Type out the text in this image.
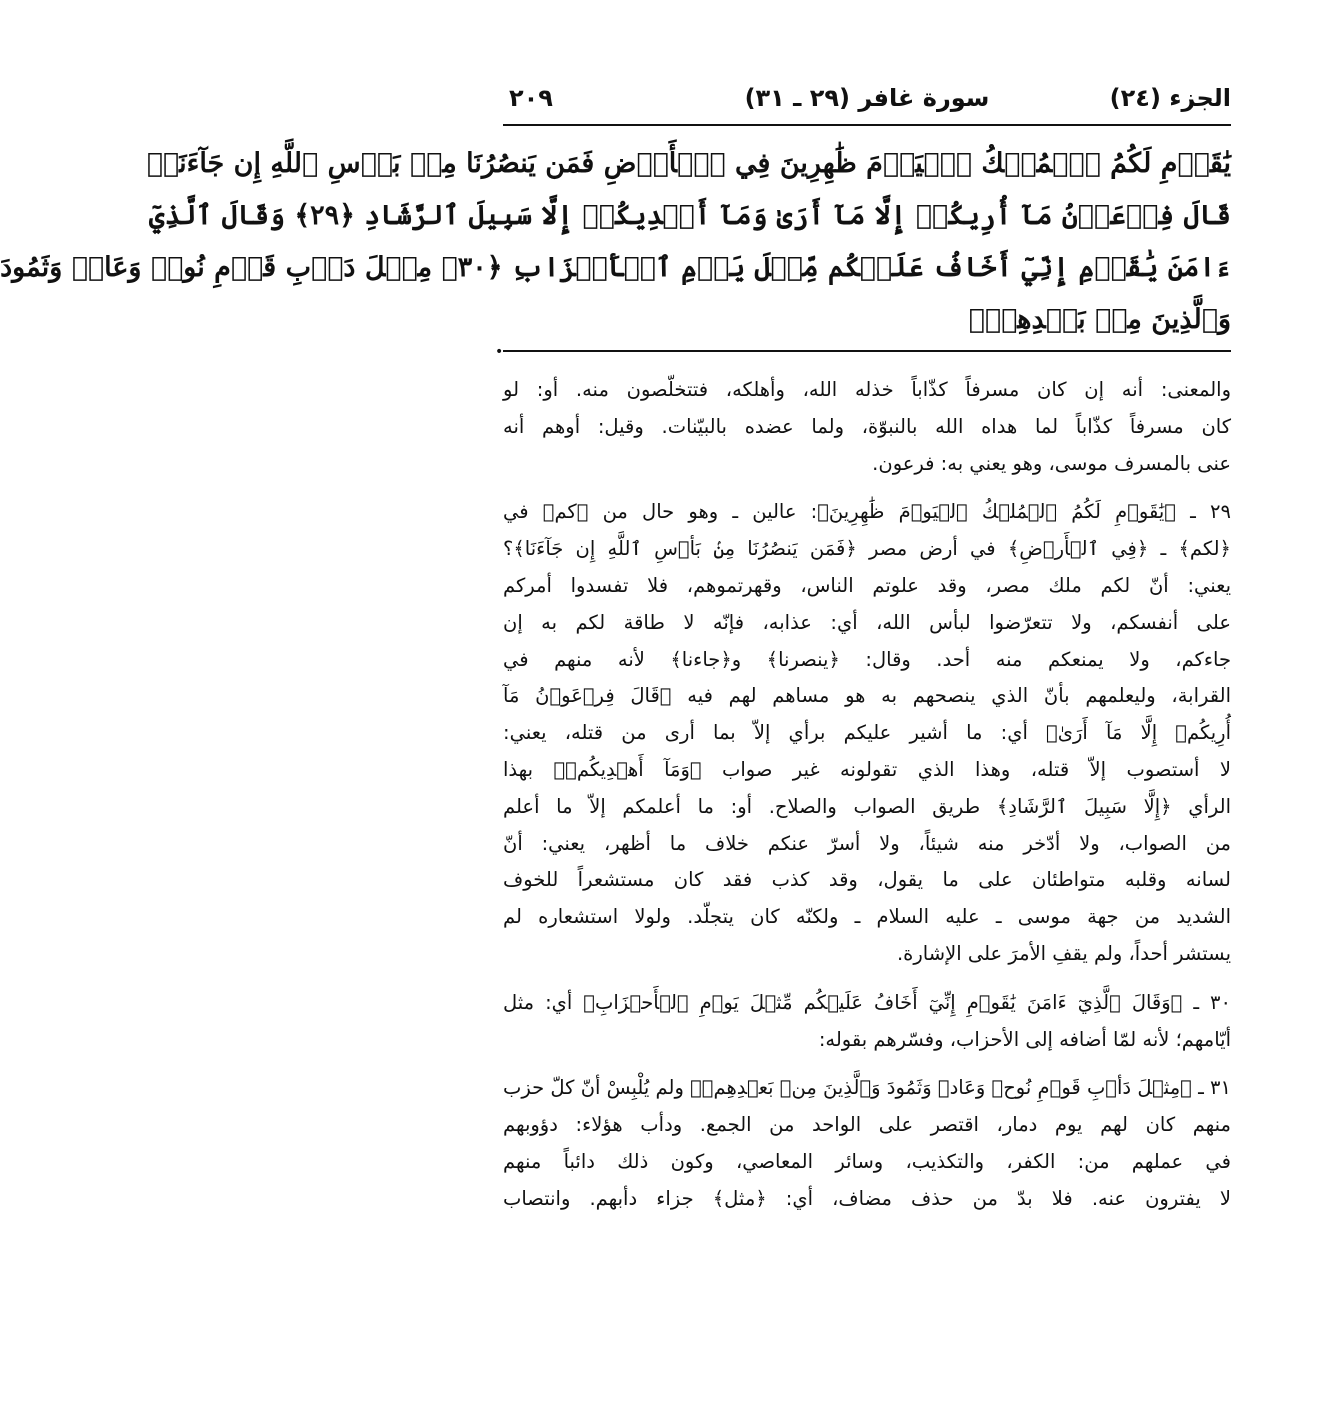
الجزء (٢٤)
سورة غافر (٢٩ ـ ٣١)
٢٠٩
يَٰقَوۡمِ لَكُمُ ٱلۡمُلۡكُ ٱلۡيَوۡمَ ظَٰهِرِينَ فِي ٱلۡأَرۡضِ فَمَن يَنصُرُنَا مِنۢ بَأۡسِ ٱللَّهِ إِن جَآءَنَاۚ
قَالَ فِرۡعَوۡنُ مَآ أُرِيكُمۡ إِلَّا مَآ أَرَىٰ وَمَآ أَهۡدِيكُمۡ إِلَّا سَبِيلَ ٱلرَّشَادِ ﴿٢٩﴾ وَقَالَ ٱلَّذِيٓ
ءَامَنَ يَٰقَوۡمِ إِنِّيٓ أَخَافُ عَلَيۡكُم مِّثۡلَ يَوۡمِ ٱلۡأَحۡزَابِ ﴿٣٠﴾ مِثۡلَ دَأۡبِ قَوۡمِ نُوحٖ وَعَادٖ وَثَمُودَ
وَٱلَّذِينَ مِنۢ بَعۡدِهِمۡۚ
•
والمعنى: أنه إن كان مسرفاً كذّاباً خذله الله، وأهلكه، فتتخلّصون منه. أو: لو
كان مسرفاً كذّاباً لما هداه الله بالنبوّة، ولما عضده بالبيّنات. وقيل: أوهم أنه
عنى بالمسرف موسى، وهو يعني به: فرعون.
٢٩ ـ ﴿يَٰقَوۡمِ لَكُمُ ٱلۡمُلۡكُ ٱلۡيَوۡمَ ظَٰهِرِينَ﴾: عالين ـ وهو حال من ﴿كم﴾ في
﴿لكم﴾ ـ ﴿فِي ٱلۡأَرۡضِ﴾ في أرض مصر ﴿فَمَن يَنصُرُنَا مِنۢ بَأۡسِ ٱللَّهِ إِن جَآءَنَا﴾؟
يعني: أنّ لكم ملك مصر، وقد علوتم الناس، وقهرتموهم، فلا تفسدوا أمركم
على أنفسكم، ولا تتعرّضوا لبأس الله، أي: عذابه، فإنّه لا طاقة لكم به إن
جاءكم، ولا يمنعكم منه أحد. وقال: ﴿ينصرنا﴾ و﴿جاءنا﴾ لأنه منهم في
القرابة، وليعلمهم بأنّ الذي ينصحهم به هو مساهم لهم فيه ﴿قَالَ فِرۡعَوۡنُ مَآ
أُرِيكُمۡ إِلَّا مَآ أَرَىٰ﴾ أي: ما أشير عليكم برأي إلاّ بما أرى من قتله، يعني:
لا أستصوب إلاّ قتله، وهذا الذي تقولونه غير صواب ﴿وَمَآ أَهۡدِيكُمۡ﴾ بهذا
الرأي ﴿إِلَّا سَبِيلَ ٱلرَّشَادِ﴾ طريق الصواب والصلاح. أو: ما أعلمكم إلاّ ما أعلم
من الصواب، ولا أدّخر منه شيئاً، ولا أسرّ عنكم خلاف ما أظهر، يعني: أنّ
لسانه وقلبه متواطئان على ما يقول، وقد كذب فقد كان مستشعراً للخوف
الشديد من جهة موسى ـ عليه السلام ـ ولكنّه كان يتجلّد. ولولا استشعاره لم
يستشر أحداً، ولم يقفِ الأمرَ على الإشارة.
٣٠ ـ ﴿وَقَالَ ٱلَّذِيٓ ءَامَنَ يَٰقَوۡمِ إِنِّيٓ أَخَافُ عَلَيۡكُم مِّثۡلَ يَوۡمِ ٱلۡأَحۡزَابِ﴾ أي: مثل
أيّامهم؛ لأنه لمّا أضافه إلى الأحزاب، وفسّرهم بقوله:
٣١ ـ ﴿مِثۡلَ دَأۡبِ قَوۡمِ نُوحٖ وَعَادٖ وَثَمُودَ وَٱلَّذِينَ مِنۢ بَعۡدِهِمۡ﴾ ولم يُلْبِسْ أنّ كلّ حزب
منهم كان لهم يوم دمار، اقتصر على الواحد من الجمع. ودأب هؤلاء: دؤوبهم
في عملهم من: الكفر، والتكذيب، وسائر المعاصي، وكون ذلك دائباً منهم
لا يفترون عنه. فلا بدّ من حذف مضاف، أي: ﴿مثل﴾ جزاء دأبهم. وانتصاب
